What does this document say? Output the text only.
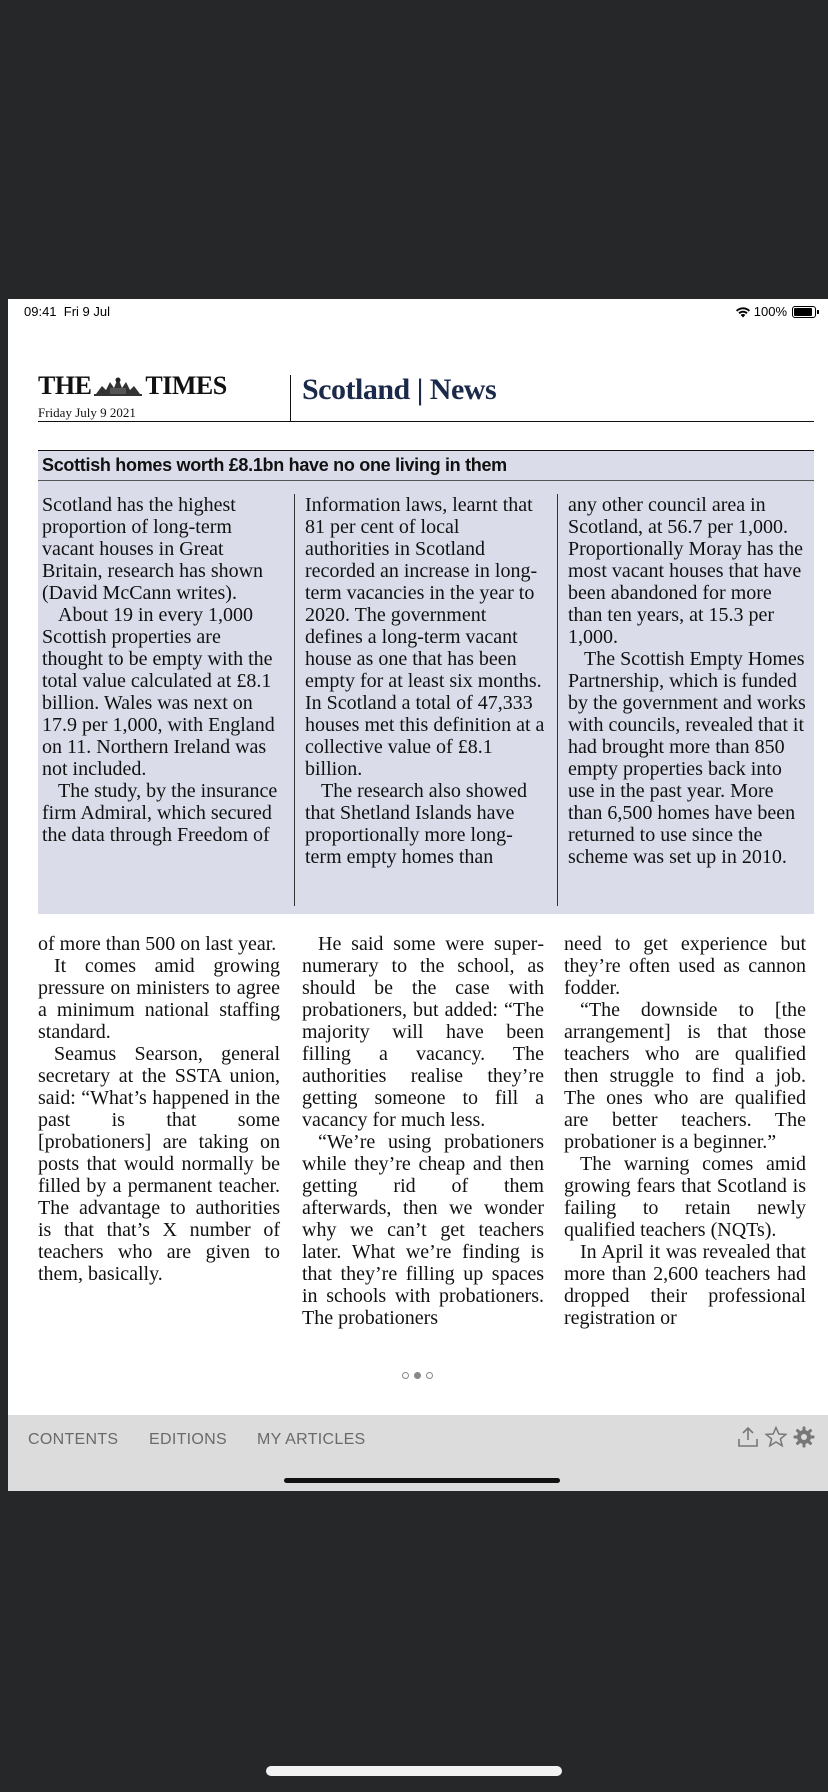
09:41 Fri 9 Jul	100%
THE TIMES
Friday July 9 2021
Scotland | News
Scottish homes worth £8.1bn have no one living in them

Scotland has the highest proportion of long-term vacant houses in Great Britain, research has shown (David McCann writes).

About 19 in every 1,000 Scottish properties are thought to be empty with the total value calculated at £8.1 billion. Wales was next on 17.9 per 1,000, with England on 11. Northern Ireland was not included.

The study, by the insurance firm Admiral, which secured the data through Freedom of

Information laws, learnt that 81 per cent of local authorities in Scotland recorded an increase in long-term vacancies in the year to 2020. The government defines a long-term vacant house as one that has been empty for at least six months. In Scotland a total of 47,333 houses met this definition at a collective value of £8.1 billion.

The research also showed that Shetland Islands have proportionally more long-term empty homes than

any other council area in Scotland, at 56.7 per 1,000. Proportionally Moray has the most vacant houses that have been abandoned for more than ten years, at 15.3 per 1,000.

The Scottish Empty Homes Partnership, which is funded by the government and works with councils, revealed that it had brought more than 850 empty properties back into use in the past year. More than 6,500 homes have been returned to use since the scheme was set up in 2010.

of more than 500 on last year.

It comes amid growing pressure on ministers to agree a minimum national staffing standard.

Seamus Searson, general secretary at the SSTA union, said: “What’s happened in the past is that some [probationers] are taking on posts that would normally be filled by a permanent teacher. The advantage to authorities is that that’s X number of teachers who are given to them, basically.

He said some were supernumerary to the school, as should be the case with probationers, but added: “The majority will have been filling a vacancy. The authorities realise they’re getting someone to fill a vacancy for much less.

“We’re using probationers while they’re cheap and then getting rid of them afterwards, then we wonder why we can’t get teachers later. What we’re finding is that they’re filling up spaces in schools with probationers. The probationers

need to get experience but they’re often used as cannon fodder.

“The downside to [the arrangement] is that those teachers who are qualified then struggle to find a job. The ones who are qualified are better teachers. The probationer is a beginner.”

The warning comes amid growing fears that Scotland is failing to retain newly qualified teachers (NQTs).

In April it was revealed that more than 2,600 teachers had dropped their professional registration or

CONTENTS EDITIONS MY ARTICLES
